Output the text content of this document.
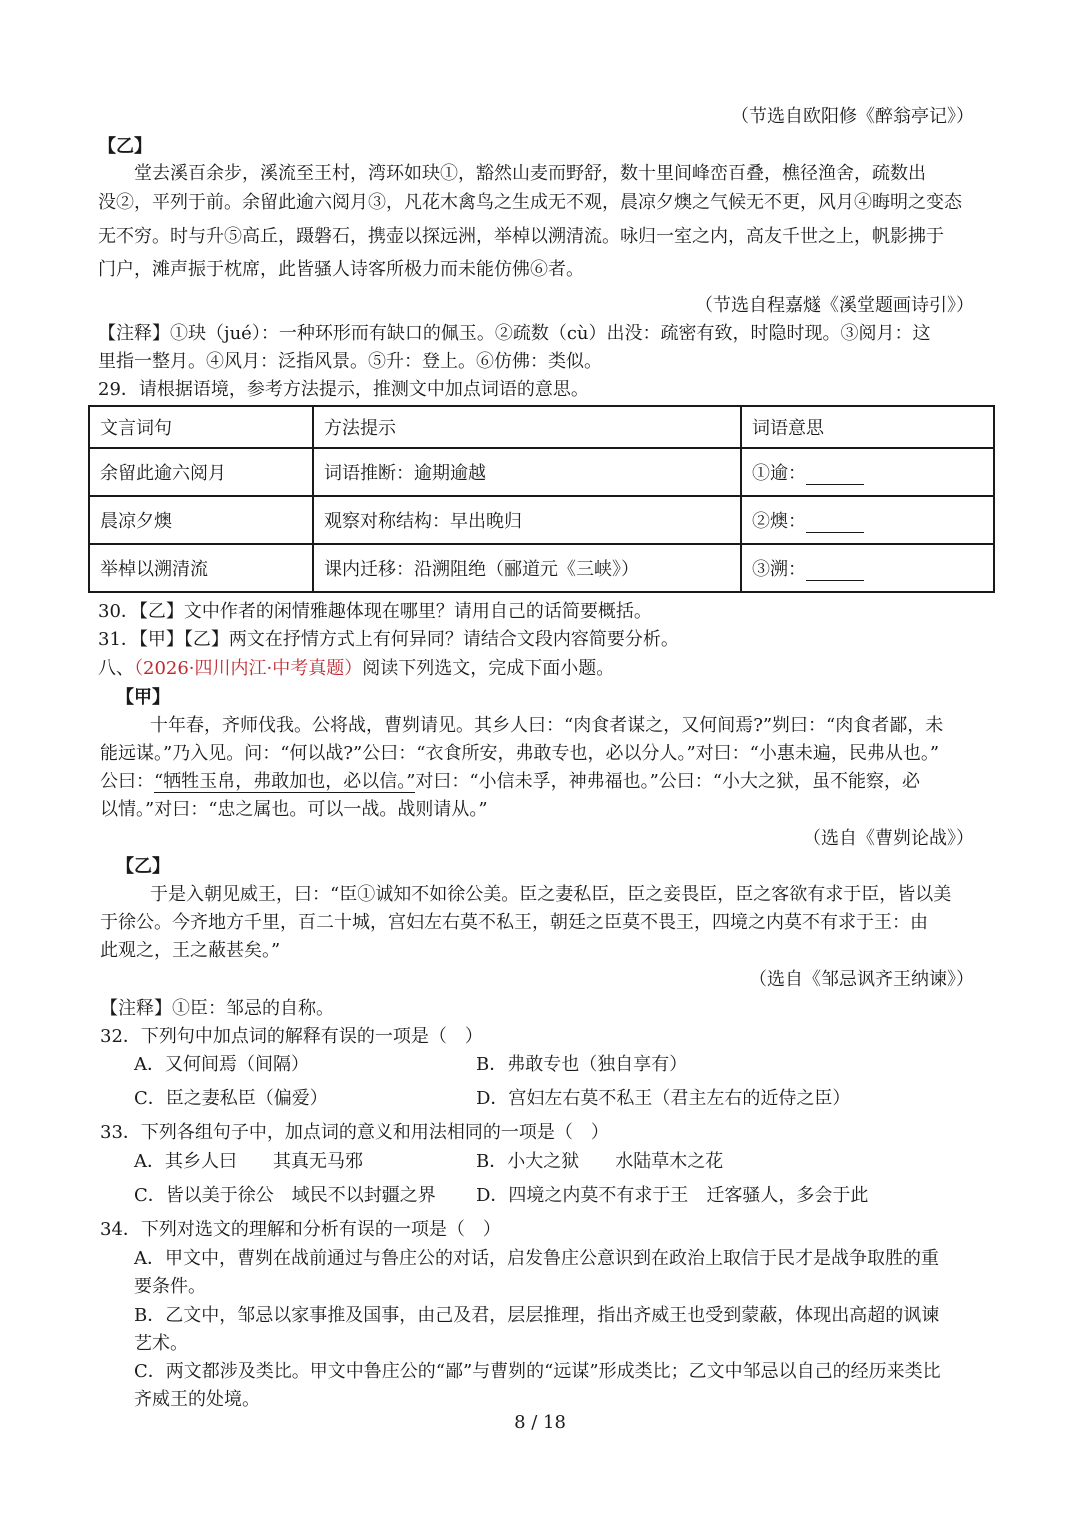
（节选自欧阳修《醉翁亭记》）
【乙】
堂去溪百余步，溪流至王村，湾环如玦①，豁然山麦而野舒，数十里间峰峦百叠，樵径渔舍，疏数出
没②，平列于前。余留此逾六阅月③，凡花木禽鸟之生成无不观，晨凉夕燠之气候无不更，风月④晦明之变态
无不穷。时与升⑤高丘，蹑磐石，携壶以探远洲，举棹以溯清流。咏归一室之内，高友千世之上，帆影拂于
门户，滩声振于枕席，此皆骚人诗客所极力而未能仿佛⑥者。
（节选自程嘉燧《溪堂题画诗引》）
【注释】①玦（jué）：一种环形而有缺口的佩玉。②疏数（cù）出没：疏密有致，时隐时现。③阅月：这
里指一整月。④风月：泛指风景。⑤升：登上。⑥仿佛：类似。
29．请根据语境，参考方法提示，推测文中加点词语的意思。
文言词句	方法提示	词语意思
余留此逾六阅月	词语推断：逾期逾越	①逾：
晨凉夕燠	观察对称结构：早出晚归	②燠：
举棹以溯清流	课内迁移：沿溯阻绝（郦道元《三峡》）	③溯：
30．【乙】文中作者的闲情雅趣体现在哪里？请用自己的话简要概括。
31．【甲】【乙】两文在抒情方式上有何异同？请结合文段内容简要分析。
八、（2026·四川内江·中考真题）阅读下列选文，完成下面小题。
【甲】
十年春，齐师伐我。公将战，曹刿请见。其乡人曰：“肉食者谋之，又何间焉?”刿曰：“肉食者鄙，未
能远谋。”乃入见。问：“何以战?”公曰：“衣食所安，弗敢专也，必以分人。”对曰：“小惠未遍，民弗从也。”
公曰：“牺牲玉帛，弗敢加也，必以信。”对曰：“小信未孚，神弗福也。”公曰：“小大之狱，虽不能察，必
以情。”对曰：“忠之属也。可以一战。战则请从。”
（选自《曹刿论战》）
【乙】
于是入朝见威王，曰：“臣①诚知不如徐公美。臣之妻私臣，臣之妾畏臣，臣之客欲有求于臣，皆以美
于徐公。今齐地方千里，百二十城，宫妇左右莫不私王，朝廷之臣莫不畏王，四境之内莫不有求于王：由
此观之，王之蔽甚矣。”
（选自《邹忌讽齐王纳谏》）
【注释】①臣：邹忌的自称。
32．下列句中加点词的解释有误的一项是（　）
A．又何间焉（间隔）	B．弗敢专也（独自享有）
C．臣之妻私臣（偏爱）	D．宫妇左右莫不私王（君主左右的近侍之臣）
33．下列各组句子中，加点词的意义和用法相同的一项是（　）
A．其乡人曰　　其真无马邪	B．小大之狱　　水陆草木之花
C．皆以美于徐公　域民不以封疆之界 D．四境之内莫不有求于王　迁客骚人，多会于此
34．下列对选文的理解和分析有误的一项是（　）
A．甲文中，曹刿在战前通过与鲁庄公的对话，启发鲁庄公意识到在政治上取信于民才是战争取胜的重
要条件。
B．乙文中，邹忌以家事推及国事，由己及君，层层推理，指出齐威王也受到蒙蔽，体现出高超的讽谏
艺术。
C．两文都涉及类比。甲文中鲁庄公的“鄙”与曹刿的“远谋”形成类比；乙文中邹忌以自己的经历来类比
齐威王的处境。
8 / 18
